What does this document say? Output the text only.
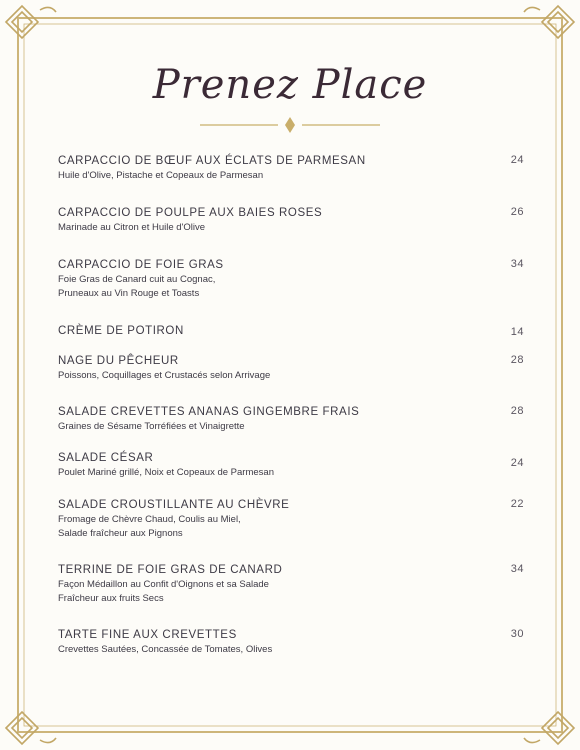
Prenez Place
CARPACCIO DE BŒUF AUX ÉCLATS DE PARMESAN
Huile d'Olive, Pistache et Copeaux de Parmesan
24
CARPACCIO DE POULPE AUX BAIES ROSES
Marinade au Citron et Huile d'Olive
26
CARPACCIO DE FOIE GRAS
Foie Gras de Canard cuit au Cognac,
Pruneaux au Vin Rouge et Toasts
34
CRÈME DE POTIRON	14
NAGE DU PÊCHEUR
Poissons, Coquillages et Crustacés selon Arrivage
28
SALADE CREVETTES ANANAS GINGEMBRE FRAIS
Graines de Sésame Torréfiées et Vinaigrette
28
SALADE CÉSAR
Poulet Mariné grillé, Noix et Copeaux de Parmesan
24
SALADE CROUSTILLANTE AU CHÈVRE
Fromage de Chèvre Chaud, Coulis au Miel,
Salade fraîcheur aux Pignons
22
TERRINE DE FOIE GRAS DE CANARD
Façon Médaillon au Confit d'Oignons et sa Salade
Fraîcheur aux fruits Secs
34
TARTE FINE AUX CREVETTES
Crevettes Sautées, Concassée de Tomates, Olives
30
